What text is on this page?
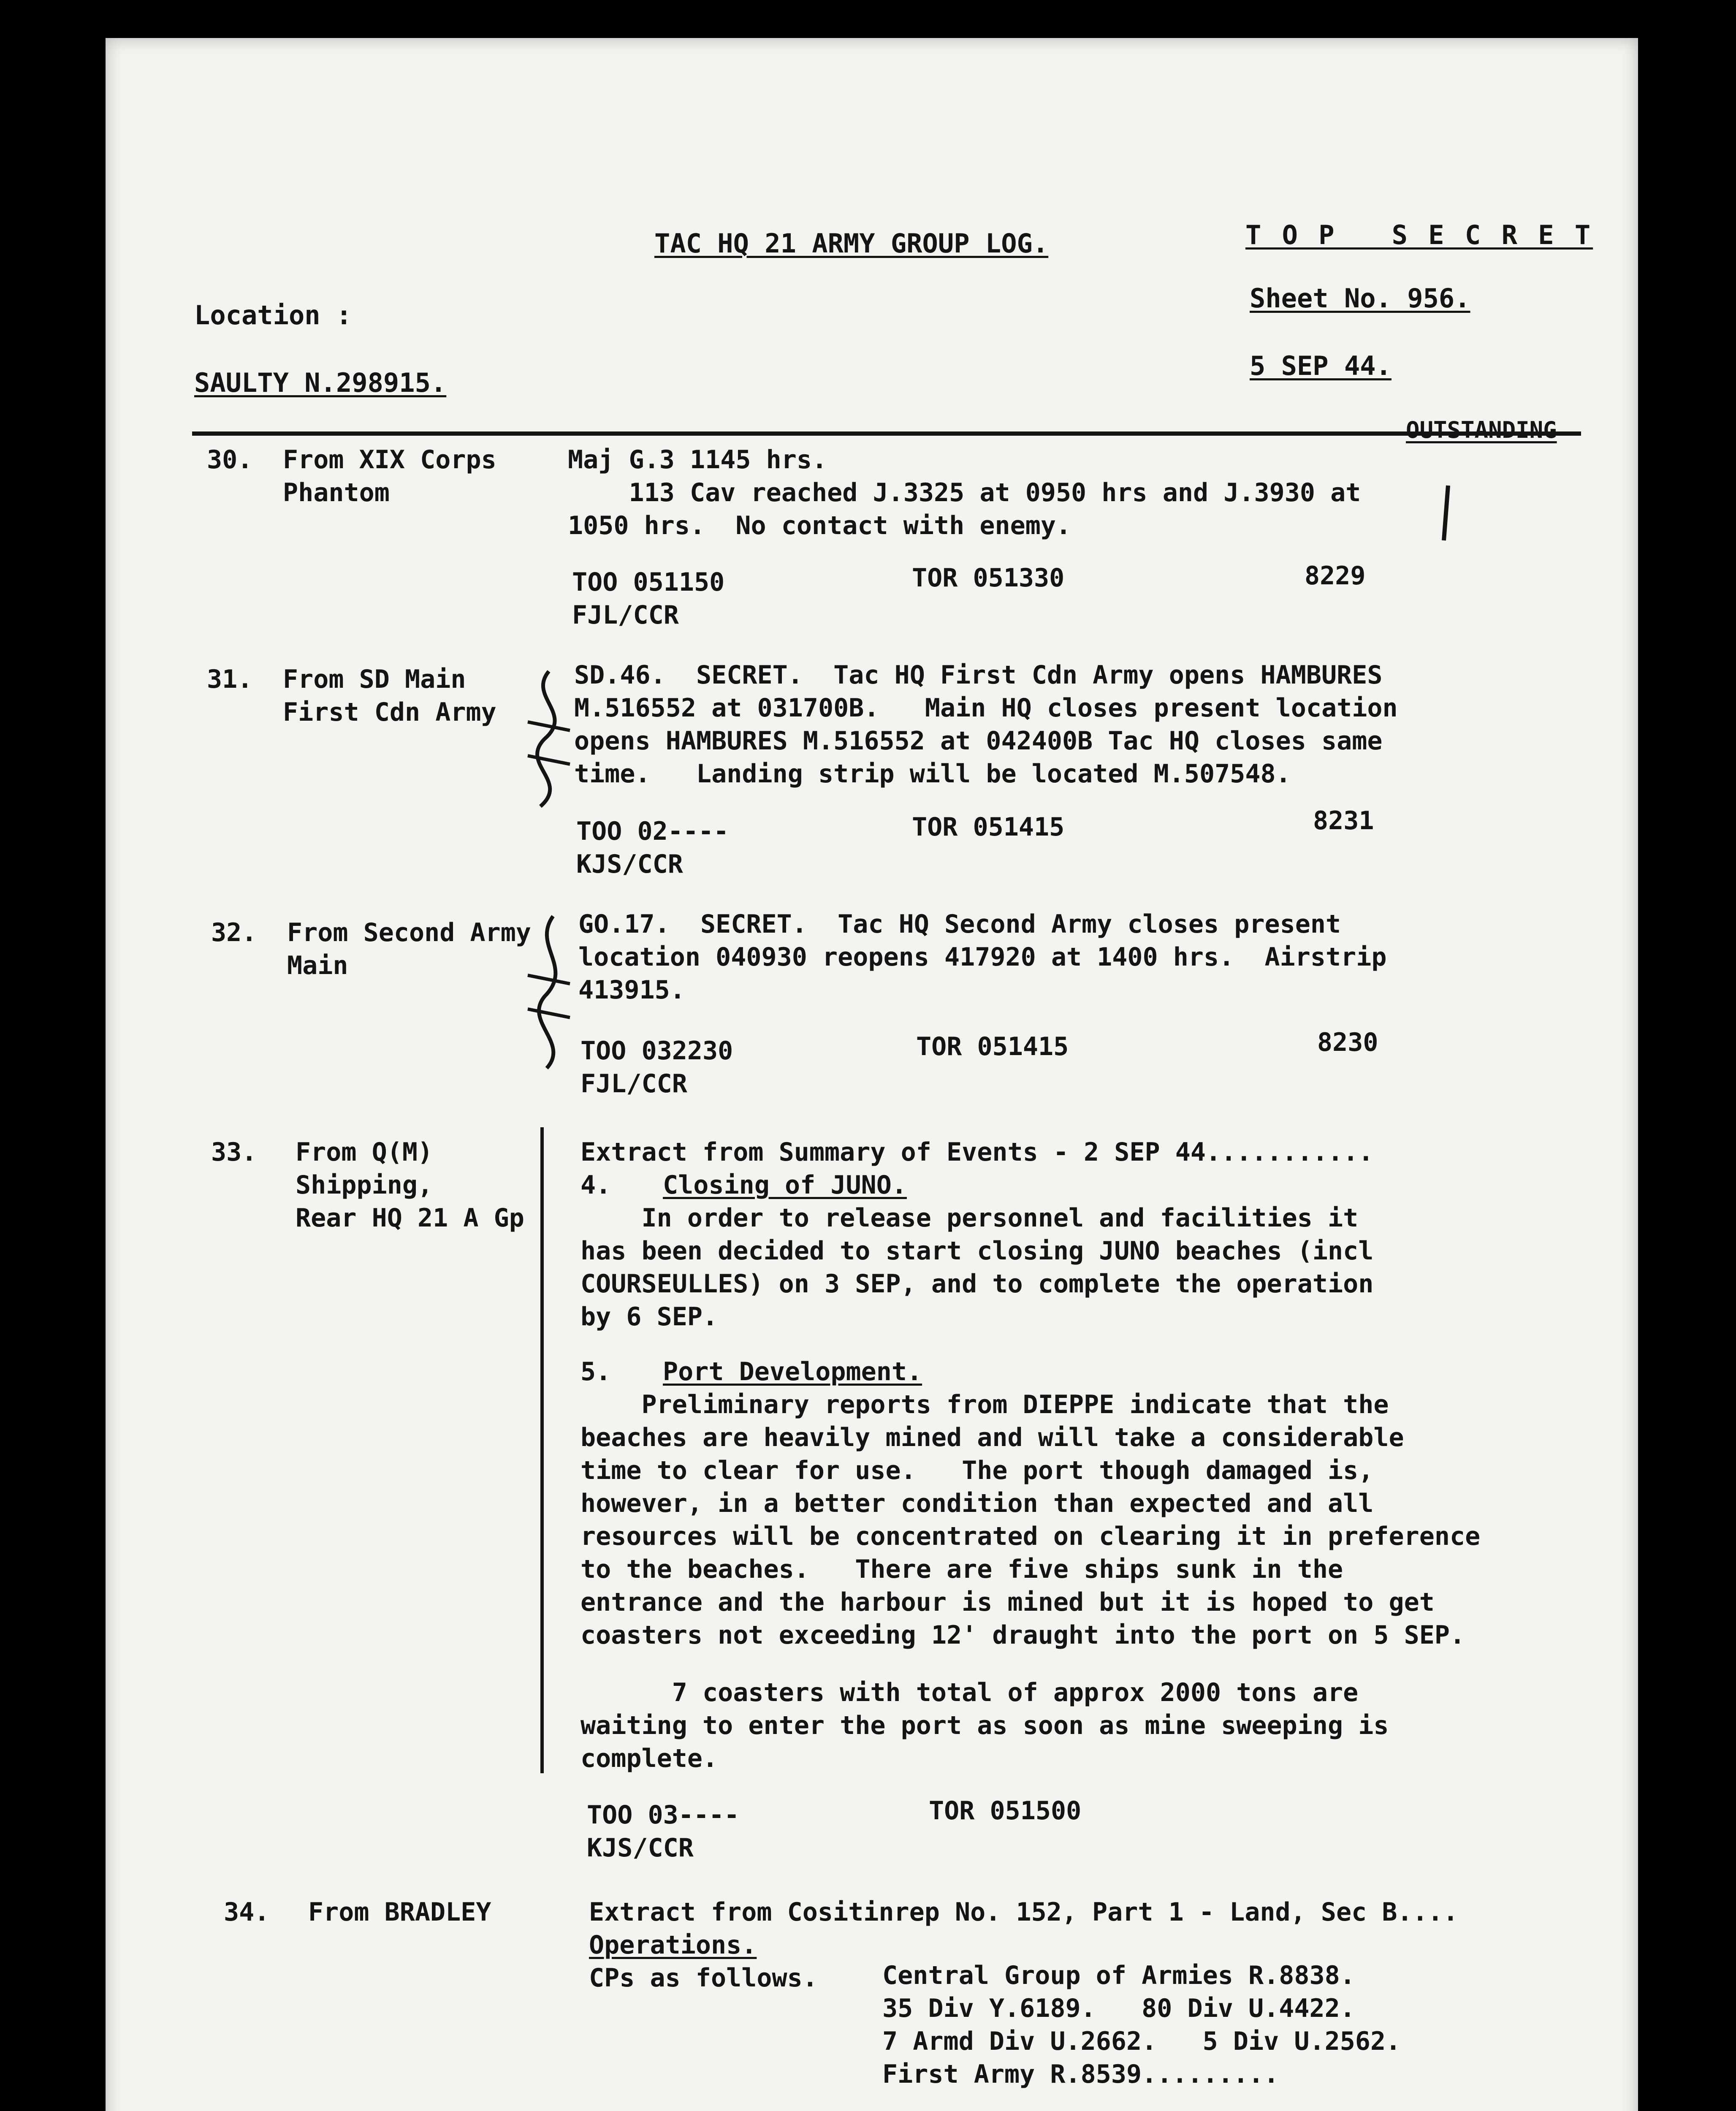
TAC HQ 21 ARMY GROUP LOG.	T O P   S E C R E T
Location :
Sheet No. 956.
SAULTY N.298915.
5 SEP 44.
OUTSTANDING
30. From XIX Corps
Phantom
Maj G.3 1145 hrs.
113 Cav reached J.3325 at 0950 hrs and J.3930 at
1050 hrs.  No contact with enemy.
TOO 051150	TOR 051330	8229
FJL/CCR
31. From SD Main
First Cdn Army
SD.46.  SECRET.  Tac HQ First Cdn Army opens HAMBURES
M.516552 at 031700B.   Main HQ closes present location
opens HAMBURES M.516552 at 042400B Tac HQ closes same
time.   Landing strip will be located M.507548.
TOO 02----	TOR 051415	8231
KJS/CCR
32. From Second Army
Main
GO.17.  SECRET.  Tac HQ Second Army closes present
location 040930 reopens 417920 at 1400 hrs.  Airstrip
413915.
TOO 032230	TOR 051415	8230
FJL/CCR
33. From Q(M)
Shipping,
Rear HQ 21 A Gp
Extract from Summary of Events - 2 SEP 44...........
4. Closing of JUNO.
In order to release personnel and facilities it
has been decided to start closing JUNO beaches (incl
COURSEULLES) on 3 SEP, and to complete the operation
by 6 SEP.
5. Port Development.
Preliminary reports from DIEPPE indicate that the
beaches are heavily mined and will take a considerable
time to clear for use.   The port though damaged is,
however, in a better condition than expected and all
resources will be concentrated on clearing it in preference
to the beaches.   There are five ships sunk in the
entrance and the harbour is mined but it is hoped to get
coasters not exceeding 12' draught into the port on 5 SEP.
7 coasters with total of approx 2000 tons are
waiting to enter the port as soon as mine sweeping is
complete.
TOO 03----	TOR 051500
KJS/CCR
34. From BRADLEY	Extract from Cositinrep No. 152, Part 1 - Land, Sec B....
Operations.
CPs as follows.	Central Group of Armies R.8838.
35 Div Y.6189.   80 Div U.4422.
7 Armd Div U.2662.   5 Div U.2562.
First Army R.8539.........
